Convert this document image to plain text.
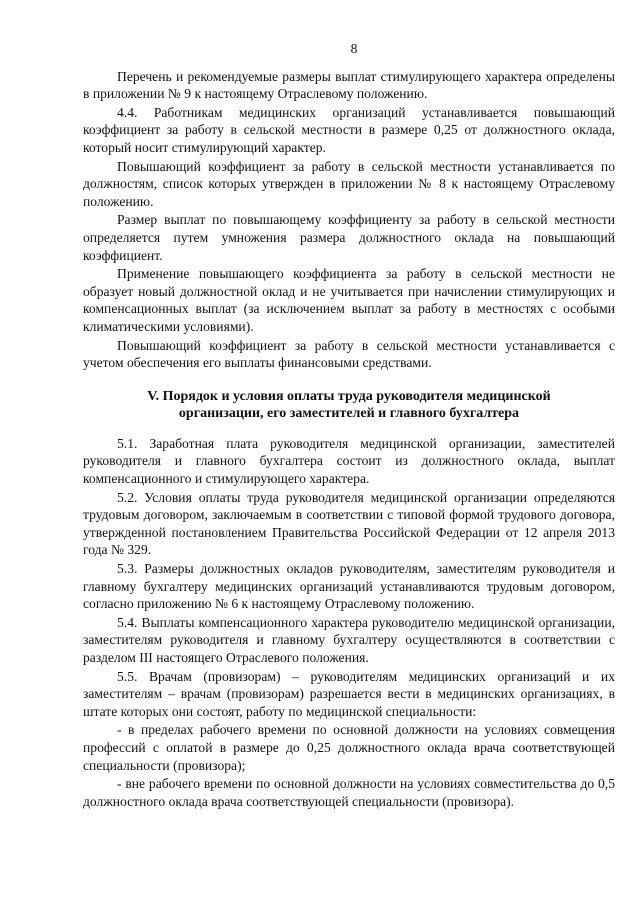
8

Перечень и рекомендуемые размеры выплат стимулирующего характера определены в приложении № 9 к настоящему Отраслевому положению.

4.4. Работникам медицинских организаций устанавливается повышающий коэффициент за работу в сельской местности в размере 0,25 от должностного оклада, который носит стимулирующий характер.

Повышающий коэффициент за работу в сельской местности устанавливается по должностям, список которых утвержден в приложении № 8 к настоящему Отраслевому положению.

Размер выплат по повышающему коэффициенту за работу в сельской местности определяется путем умножения размера должностного оклада на повышающий коэффициент.

Применение повышающего коэффициента за работу в сельской местности не образует новый должностной оклад и не учитывается при начислении стимулирующих и компенсационных выплат (за исключением выплат за работу в местностях с особыми климатическими условиями).

Повышающий коэффициент за работу в сельской местности устанавливается с учетом обеспечения его выплаты финансовыми средствами.

V. Порядок и условия оплаты труда руководителя медицинской
организации, его заместителей и главного бухгалтера

5.1. Заработная плата руководителя медицинской организации, заместителей руководителя и главного бухгалтера состоит из должностного оклада, выплат компенсационного и стимулирующего характера.

5.2. Условия оплаты труда руководителя медицинской организации определяются трудовым договором, заключаемым в соответствии с типовой формой трудового договора, утвержденной постановлением Правительства Российской Федерации от 12 апреля 2013 года № 329.

5.3. Размеры должностных окладов руководителям, заместителям руководителя и главному бухгалтеру медицинских организаций устанавливаются трудовым договором, согласно приложению № 6 к настоящему Отраслевому положению.

5.4. Выплаты компенсационного характера руководителю медицинской организации, заместителям руководителя и главному бухгалтеру осуществляются в соответствии с разделом III настоящего Отраслевого положения.

5.5. Врачам (провизорам) – руководителям медицинских организаций и их заместителям – врачам (провизорам) разрешается вести в медицинских организациях, в штате которых они состоят, работу по медицинской специальности:

- в пределах рабочего времени по основной должности на условиях совмещения профессий с оплатой в размере до 0,25 должностного оклада врача соответствующей специальности (провизора);

- вне рабочего времени по основной должности на условиях совместительства до 0,5 должностного оклада врача соответствующей специальности (провизора).
